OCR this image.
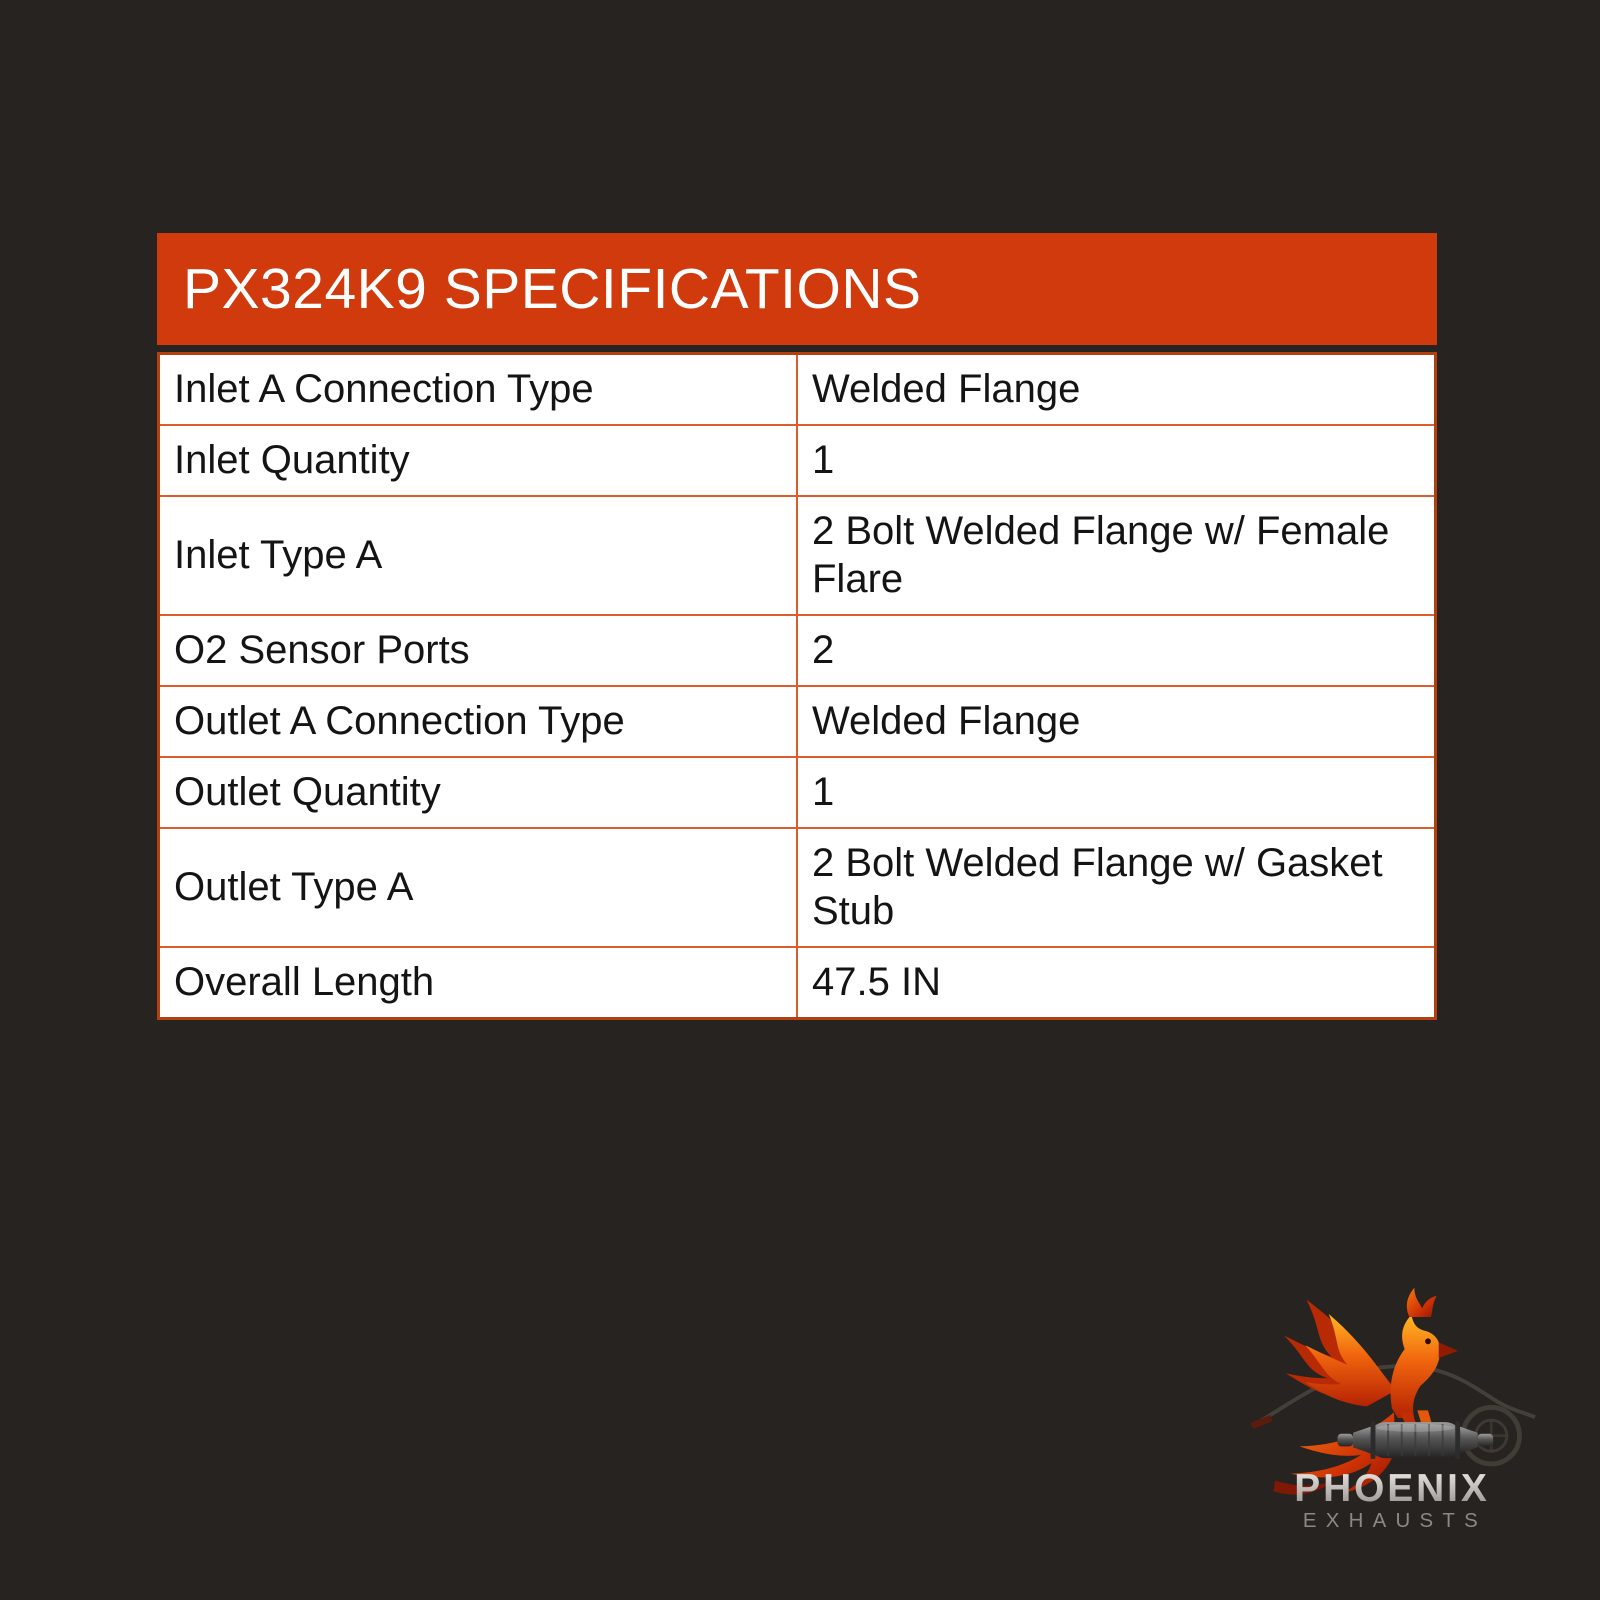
PX324K9 SPECIFICATIONS
Inlet A Connection Type	Welded Flange
Inlet Quantity	1
Inlet Type A	2 Bolt Welded Flange w/ Female Flare
O2 Sensor Ports	2
Outlet A Connection Type	Welded Flange
Outlet Quantity	1
Outlet Type A	2 Bolt Welded Flange w/ Gasket Stub
Overall Length	47.5 IN
PHOENIX
EXHAUSTS
